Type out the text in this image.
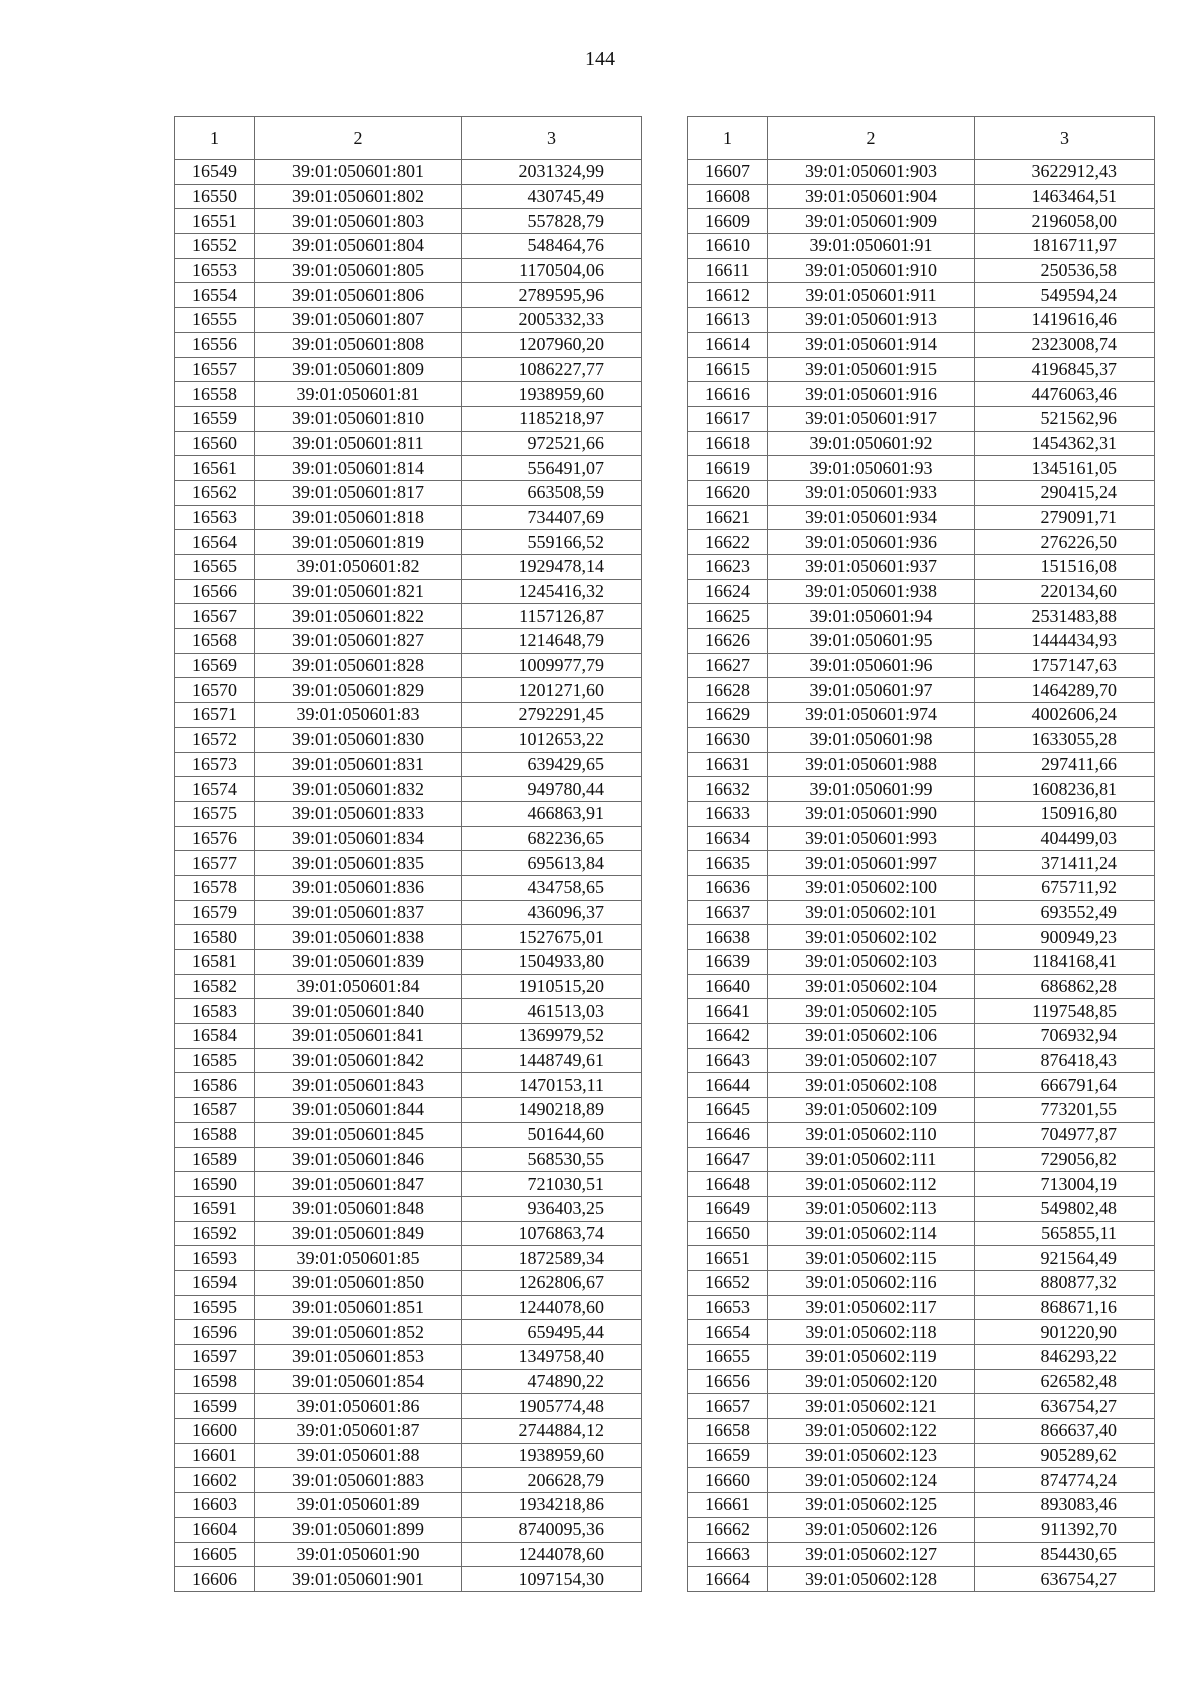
144
1	2	3
16549	39:01:050601:801	2031324,99
16550	39:01:050601:802	430745,49
16551	39:01:050601:803	557828,79
16552	39:01:050601:804	548464,76
16553	39:01:050601:805	1170504,06
16554	39:01:050601:806	2789595,96
16555	39:01:050601:807	2005332,33
16556	39:01:050601:808	1207960,20
16557	39:01:050601:809	1086227,77
16558	39:01:050601:81	1938959,60
16559	39:01:050601:810	1185218,97
16560	39:01:050601:811	972521,66
16561	39:01:050601:814	556491,07
16562	39:01:050601:817	663508,59
16563	39:01:050601:818	734407,69
16564	39:01:050601:819	559166,52
16565	39:01:050601:82	1929478,14
16566	39:01:050601:821	1245416,32
16567	39:01:050601:822	1157126,87
16568	39:01:050601:827	1214648,79
16569	39:01:050601:828	1009977,79
16570	39:01:050601:829	1201271,60
16571	39:01:050601:83	2792291,45
16572	39:01:050601:830	1012653,22
16573	39:01:050601:831	639429,65
16574	39:01:050601:832	949780,44
16575	39:01:050601:833	466863,91
16576	39:01:050601:834	682236,65
16577	39:01:050601:835	695613,84
16578	39:01:050601:836	434758,65
16579	39:01:050601:837	436096,37
16580	39:01:050601:838	1527675,01
16581	39:01:050601:839	1504933,80
16582	39:01:050601:84	1910515,20
16583	39:01:050601:840	461513,03
16584	39:01:050601:841	1369979,52
16585	39:01:050601:842	1448749,61
16586	39:01:050601:843	1470153,11
16587	39:01:050601:844	1490218,89
16588	39:01:050601:845	501644,60
16589	39:01:050601:846	568530,55
16590	39:01:050601:847	721030,51
16591	39:01:050601:848	936403,25
16592	39:01:050601:849	1076863,74
16593	39:01:050601:85	1872589,34
16594	39:01:050601:850	1262806,67
16595	39:01:050601:851	1244078,60
16596	39:01:050601:852	659495,44
16597	39:01:050601:853	1349758,40
16598	39:01:050601:854	474890,22
16599	39:01:050601:86	1905774,48
16600	39:01:050601:87	2744884,12
16601	39:01:050601:88	1938959,60
16602	39:01:050601:883	206628,79
16603	39:01:050601:89	1934218,86
16604	39:01:050601:899	8740095,36
16605	39:01:050601:90	1244078,60
16606	39:01:050601:901	1097154,30
1	2	3
16607	39:01:050601:903	3622912,43
16608	39:01:050601:904	1463464,51
16609	39:01:050601:909	2196058,00
16610	39:01:050601:91	1816711,97
16611	39:01:050601:910	250536,58
16612	39:01:050601:911	549594,24
16613	39:01:050601:913	1419616,46
16614	39:01:050601:914	2323008,74
16615	39:01:050601:915	4196845,37
16616	39:01:050601:916	4476063,46
16617	39:01:050601:917	521562,96
16618	39:01:050601:92	1454362,31
16619	39:01:050601:93	1345161,05
16620	39:01:050601:933	290415,24
16621	39:01:050601:934	279091,71
16622	39:01:050601:936	276226,50
16623	39:01:050601:937	151516,08
16624	39:01:050601:938	220134,60
16625	39:01:050601:94	2531483,88
16626	39:01:050601:95	1444434,93
16627	39:01:050601:96	1757147,63
16628	39:01:050601:97	1464289,70
16629	39:01:050601:974	4002606,24
16630	39:01:050601:98	1633055,28
16631	39:01:050601:988	297411,66
16632	39:01:050601:99	1608236,81
16633	39:01:050601:990	150916,80
16634	39:01:050601:993	404499,03
16635	39:01:050601:997	371411,24
16636	39:01:050602:100	675711,92
16637	39:01:050602:101	693552,49
16638	39:01:050602:102	900949,23
16639	39:01:050602:103	1184168,41
16640	39:01:050602:104	686862,28
16641	39:01:050602:105	1197548,85
16642	39:01:050602:106	706932,94
16643	39:01:050602:107	876418,43
16644	39:01:050602:108	666791,64
16645	39:01:050602:109	773201,55
16646	39:01:050602:110	704977,87
16647	39:01:050602:111	729056,82
16648	39:01:050602:112	713004,19
16649	39:01:050602:113	549802,48
16650	39:01:050602:114	565855,11
16651	39:01:050602:115	921564,49
16652	39:01:050602:116	880877,32
16653	39:01:050602:117	868671,16
16654	39:01:050602:118	901220,90
16655	39:01:050602:119	846293,22
16656	39:01:050602:120	626582,48
16657	39:01:050602:121	636754,27
16658	39:01:050602:122	866637,40
16659	39:01:050602:123	905289,62
16660	39:01:050602:124	874774,24
16661	39:01:050602:125	893083,46
16662	39:01:050602:126	911392,70
16663	39:01:050602:127	854430,65
16664	39:01:050602:128	636754,27
